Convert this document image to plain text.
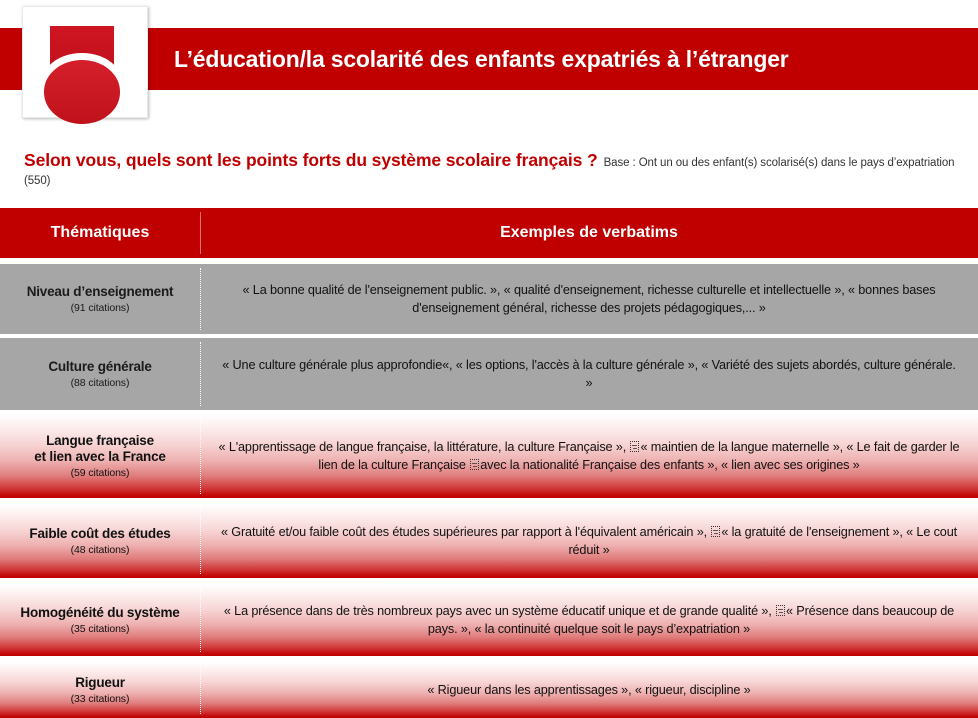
L’éducation/la scolarité des enfants expatriés à l’étranger
Selon vous, quels sont les points forts du système scolaire français ? Base : Ont un ou des enfant(s) scolarisé(s) dans le pays d’expatriation (550)
Thématiques	Exemples de verbatims
Niveau d’enseignement
(91 citations)
« La bonne qualité de l'enseignement public. », « qualité d'enseignement, richesse culturelle et intellectuelle », « bonnes bases d'enseignement général, richesse des projets pédagogiques,... »
Culture générale
(88 citations)
« Une culture générale plus approfondie«, « les options, l'accès à la culture générale », « Variété des sujets abordés, culture générale. »
Langue française
et lien avec la France
(59 citations)
« L'apprentissage de langue française, la littérature, la culture Française », « maintien de la langue maternelle », « Le fait de garder le lien de la culture Française avec la nationalité Française des enfants », « lien avec ses origines »
Faible coût des études
(48 citations)
« Gratuité et/ou faible coût des études supérieures par rapport à l'équivalent américain », « la gratuité de l'enseignement », « Le cout réduit »
Homogénéité du système
(35 citations)
« La présence dans de très nombreux pays avec un système éducatif unique et de grande qualité », « Présence dans beaucoup de pays. », « la continuité quelque soit le pays d’expatriation »
Rigueur
(33 citations)
« Rigueur dans les apprentissages », « rigueur, discipline »
